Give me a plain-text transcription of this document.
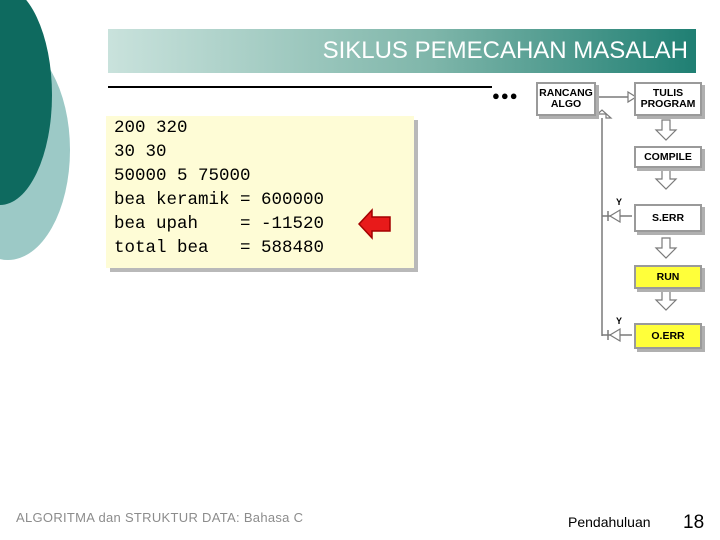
SIKLUS PEMECAHAN MASALAH
●●●
200 320
30 30
50000 5 75000
bea keramik = 600000
bea upah    = -11520
total bea   = 588480
RANCANG ALGO
TULIS PROGRAM
COMPILE
S.ERR
RUN
O.ERR
Y
Y
ALGORITMA dan STRUKTUR DATA: Bahasa C	Pendahuluan 18
